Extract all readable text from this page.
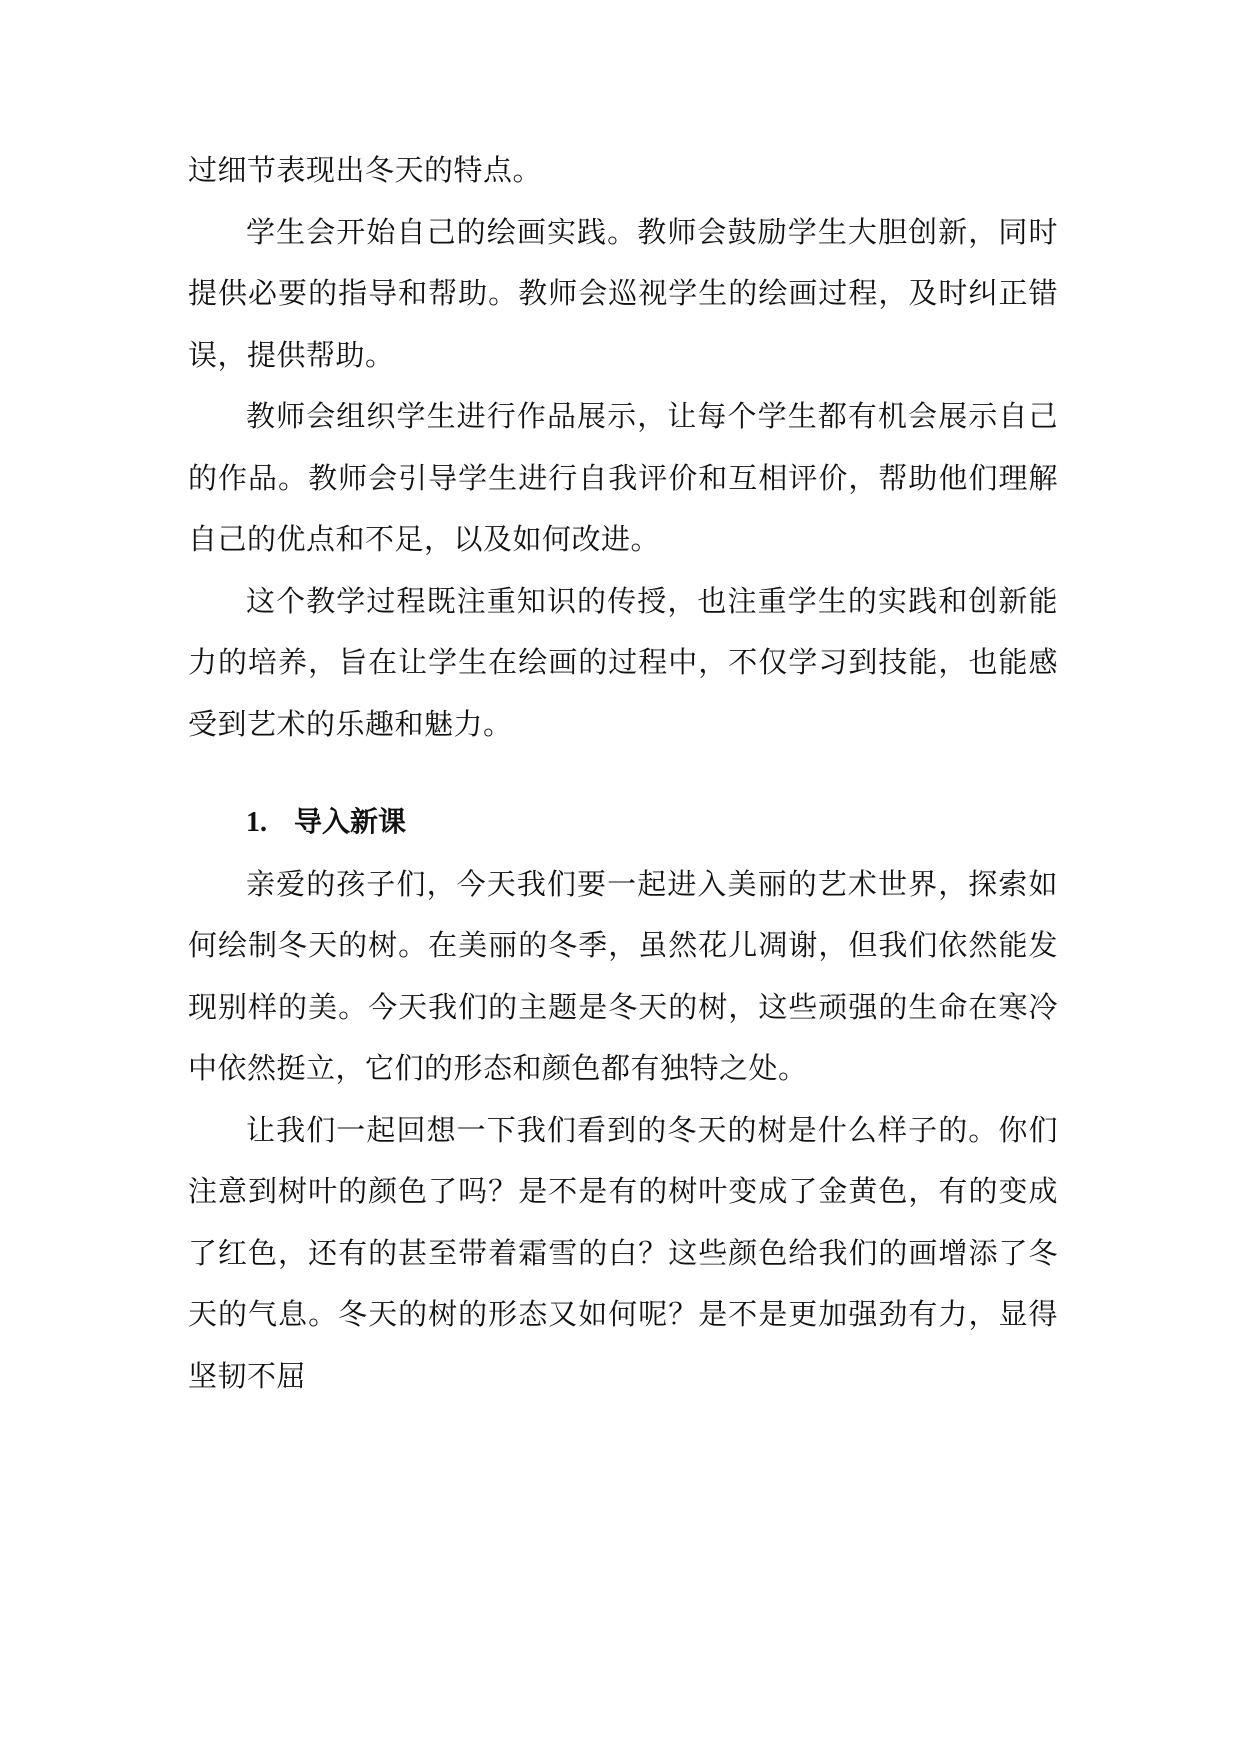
过细节表现出冬天的特点。

学生会开始自己的绘画实践。教师会鼓励学生大胆创新，同时提供必要的指导和帮助。教师会巡视学生的绘画过程，及时纠正错误，提供帮助。

教师会组织学生进行作品展示，让每个学生都有机会展示自己的作品。教师会引导学生进行自我评价和互相评价，帮助他们理解自己的优点和不足，以及如何改进。

这个教学过程既注重知识的传授，也注重学生的实践和创新能力的培养，旨在让学生在绘画的过程中，不仅学习到技能，也能感受到艺术的乐趣和魅力。

1. 导入新课

亲爱的孩子们，今天我们要一起进入美丽的艺术世界，探索如何绘制冬天的树。在美丽的冬季，虽然花儿凋谢，但我们依然能发现别样的美。今天我们的主题是冬天的树，这些顽强的生命在寒冷中依然挺立，它们的形态和颜色都有独特之处。

让我们一起回想一下我们看到的冬天的树是什么样子的。你们注意到树叶的颜色了吗？是不是有的树叶变成了金黄色，有的变成了红色，还有的甚至带着霜雪的白？这些颜色给我们的画增添了冬天的气息。冬天的树的形态又如何呢？是不是更加强劲有力，显得坚韧不屈
